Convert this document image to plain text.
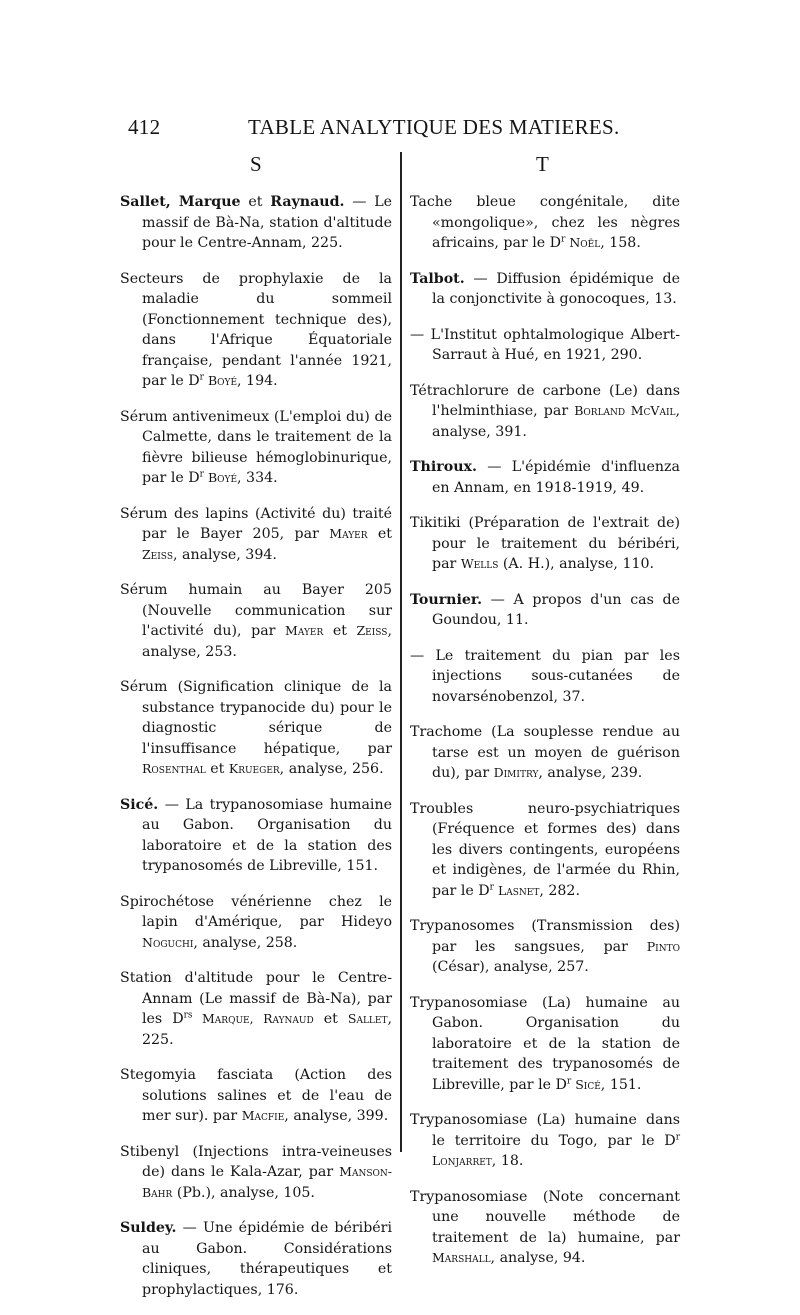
412	TABLE ANALYTIQUE DES MATIERES.
S	T

Sallet, Marque et Raynaud. — Le massif de Bà-Na, station d'altitude pour le Centre-Annam, 225.

Secteurs de prophylaxie de la maladie du sommeil (Fonctionnement technique des), dans l'Afrique Équatoriale française, pendant l'année 1921, par le $D^r$ Boyé, 194.

Sérum antivenimeux (L'emploi du) de Calmette, dans le traitement de la fièvre bilieuse hémoglobinurique, par le $D^r$ Boyé, 334.

Sérum des lapins (Activité du) traité par le Bayer 205, par Mayer et Zeiss, analyse, 394.

Sérum humain au Bayer 205 (Nouvelle communication sur l'activité du), par Mayer et Zeiss, analyse, 253.

Sérum (Signification clinique de la substance trypanocide du) pour le diagnostic sérique de l'insuffisance hépatique, par Rosenthal et Krueger, analyse, 256.

Sicé. — La trypanosomiase humaine au Gabon. Organisation du laboratoire et de la station des trypanosomés de Libreville, 151.

Spirochétose vénérienne chez le lapin d'Amérique, par Hideyo Noguchi, analyse, 258.

Station d'altitude pour le Centre-Annam (Le massif de Bà-Na), par les $D^{rs}$ Marque, Raynaud et Sallet, 225.

Stegomyia fasciata (Action des solutions salines et de l'eau de mer sur). par Macfie, analyse, 399.

Stibenyl (Injections intra-veineuses de) dans le Kala-Azar, par Manson-Bahr (Pb.), analyse, 105.

Suldey. — Une épidémie de béribéri au Gabon. Considérations cliniques, thérapeutiques et prophylactiques, 176.

Tache bleue congénitale, dite «mongolique», chez les nègres africains, par le $D^r$ Noël, 158.

Talbot. — Diffusion épidémique de la conjonctivite à gonocoques, 13.

— L'Institut ophtalmologique Albert-Sarraut à Hué, en 1921, 290.

Tétrachlorure de carbone (Le) dans l'helminthiase, par Borland McVail, analyse, 391.

Thiroux. — L'épidémie d'influenza en Annam, en 1918-1919, 49.

Tikitiki (Préparation de l'extrait de) pour le traitement du béribéri, par Wells (A. H.), analyse, 110.

Tournier. — A propos d'un cas de Goundou, 11.

— Le traitement du pian par les injections sous-cutanées de novarsénobenzol, 37.

Trachome (La souplesse rendue au tarse est un moyen de guérison du), par Dimitry, analyse, 239.

Troubles neuro-psychiatriques (Fréquence et formes des) dans les divers contingents, européens et indigènes, de l'armée du Rhin, par le $D^r$ Lasnet, 282.

Trypanosomes (Transmission des) par les sangsues, par Pinto (César), analyse, 257.

Trypanosomiase (La) humaine au Gabon. Organisation du laboratoire et de la station de traitement des trypanosomés de Libreville, par le $D^r$ Sicé, 151.

Trypanosomiase (La) humaine dans le territoire du Togo, par le $D^r$ Lonjarret, 18.

Trypanosomiase (Note concernant une nouvelle méthode de traitement de la) humaine, par Marshall, analyse, 94.
